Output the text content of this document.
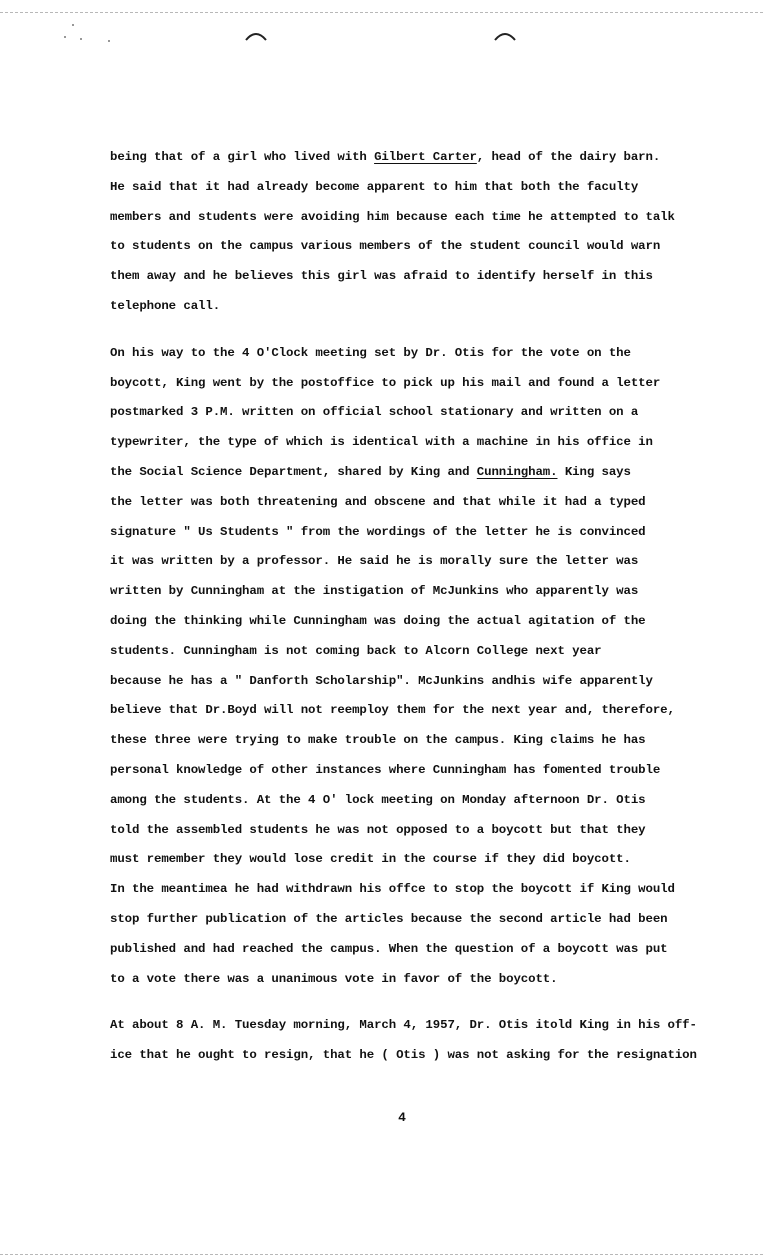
being that of a girl who lived with Gilbert Carter, head of the dairy barn.
He said that it had already become apparent to him that both the faculty
members and students were avoiding him because each time he attempted to talk
to students on the campus various members of the student council would warn
them away and he believes this girl was afraid to identify herself in this
telephone call.
On his way to the 4 O'Clock meeting set by Dr. Otis for the vote on the
boycott, King went by the postoffice to pick up his mail and found a letter
postmarked 3 P.M. written on official school stationary and written on a
typewriter, the type of which is identical with a machine in his office in
the Social Science Department, shared by King and Cunningham. King says
the letter was both threatening and obscene and that while it had a typed
signature " Us Students " from the wordings of the letter he is convinced
it was written by a professor. He said he is morally sure the letter was
written by Cunningham at the instigation of McJunkins who apparently was
doing the thinking while Cunningham was doing the actual agitation of the
students. Cunningham is not coming back to Alcorn College next year
because he has a " Danforth Scholarship". McJunkins andhis wife apparently
believe that Dr.Boyd will not reemploy them for the next year and, therefore,
these three were trying to make trouble on the campus. King claims he has
personal knowledge of other instances where Cunningham has fomented trouble
among the students. At the 4 O' lock meeting on Monday afternoon Dr. Otis
told the assembled students he was not opposed to a boycott but that they
must remember they would lose credit in the course if they did boycott.
In the meantimea he had withdrawn his offce to stop the boycott if King would
stop further publication of the articles because the second article had been
published and had reached the campus. When the question of a boycott was put
to a vote there was a unanimous vote in favor of the boycott.
At about 8 A. M. Tuesday morning, March 4, 1957, Dr. Otis itold King in his off-
ice that he ought to resign, that he ( Otis ) was not asking for the resignation
4
